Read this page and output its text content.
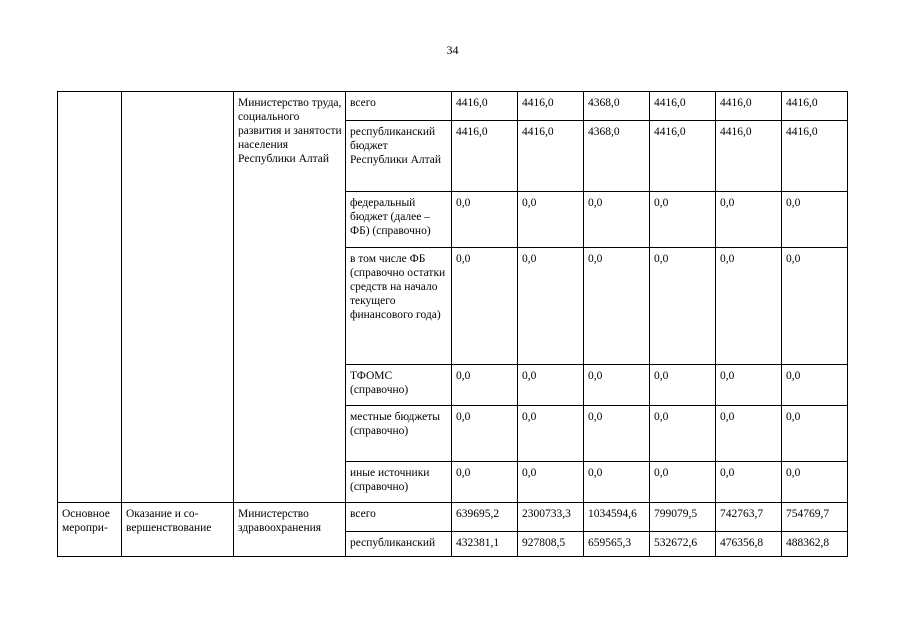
34
		Министерство труда, социального развития и занятости населения Республики Алтай	всего	4416,0	4416,0	4368,0	4416,0	4416,0	4416,0
			республиканский бюджет Республики Алтай	4416,0	4416,0	4368,0	4416,0	4416,0	4416,0
			федеральный бюджет (далее – ФБ) (справочно)	0,0	0,0	0,0	0,0	0,0	0,0
			в том числе ФБ (справочно остатки средств на начало текущего финансового года)	0,0	0,0	0,0	0,0	0,0	0,0
			ТФОМС (справочно)	0,0	0,0	0,0	0,0	0,0	0,0
			местные бюджеты (справочно)	0,0	0,0	0,0	0,0	0,0	0,0
			иные источники (справочно)	0,0	0,0	0,0	0,0	0,0	0,0
Основное меропри-	Оказание и со-вершенствование	Министерство здравоохранения	всего	639695,2	2300733,3	1034594,6	799079,5	742763,7	754769,7
			республиканский	432381,1	927808,5	659565,3	532672,6	476356,8	488362,8
